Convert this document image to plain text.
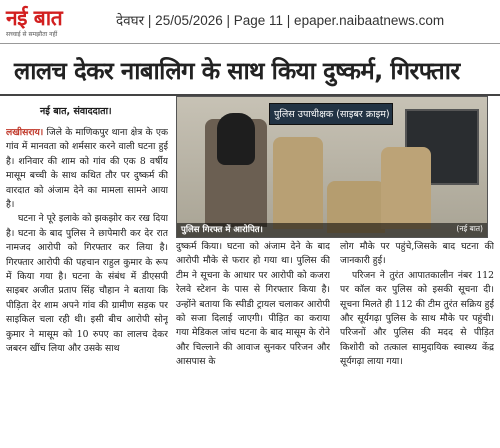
नई बात
सच्चाई से समझौता नहीं
देवघर | 25/05/2026 | Page 11 | epaper.naibaatnews.com
लालच देकर नाबालिग के साथ किया दुष्कर्म, गिरफ्तार
नई बात, संवाददाता।

लखीसराय। जिले के माणिकपुर थाना क्षेत्र के एक गांव में मानवता को शर्मसार करने वाली घटना हुई है। शनिवार की शाम को गांव की एक 8 वर्षीय मासूम बच्ची के साथ कथित तौर पर दुष्कर्म की वारदात को अंजाम देने का मामला सामने आया है।

घटना ने पूरे इलाके को झकझोर कर रख दिया है। घटना के बाद पुलिस ने छापेमारी कर देर रात नामजद आरोपी को गिरफ्तार कर लिया है। गिरफ्तार आरोपी की पहचान राहुल कुमार के रूप में किया गया है। घटना के संबंध में डीएसपी साइबर अजीत प्रताप सिंह चौहान ने बताया कि पीड़िता देर शाम अपने गांव की ग्रामीण सड़क पर साइकिल चला रही थी। इसी बीच आरोपी सोनू कुमार ने मासूम को 10 रुपए का लालच देकर जबरन खींच लिया और उसके साथ

पुलिस उपाधीक्षक (साइबर क्राइम)
पुलिस गिरफ्त में आरोपित।	(नई बात)

दुष्कर्म किया। घटना को अंजाम देने के बाद आरोपी मौके से फरार हो गया था। पुलिस की टीम ने सूचना के आधार पर आरोपी को कजरा रेलवे स्टेशन के पास से गिरफ्तार किया है। उन्होंने बताया कि स्पीडी ट्रायल चलाकर आरोपी को सजा दिलाई जाएगी। पीड़ित का कराया गया मेडिकल जांच घटना के बाद मासूम के रोने और चिल्लाने की आवाज सुनकर परिजन और आसपास के

लोग मौके पर पहुंचे,जिसके बाद घटना की जानकारी हुई।

परिजन ने तुरंत आपातकालीन नंबर 112 पर कॉल कर पुलिस को इसकी सूचना दी। सूचना मिलते ही 112 की टीम तुरंत सक्रिय हुई और सूर्यगढ़ा पुलिस के साथ मौके पर पहुंची। परिजनों और पुलिस की मदद से पीड़ित किशोरी को तत्काल सामुदायिक स्वास्थ्य केंद्र सूर्यगढ़ा लाया गया।
